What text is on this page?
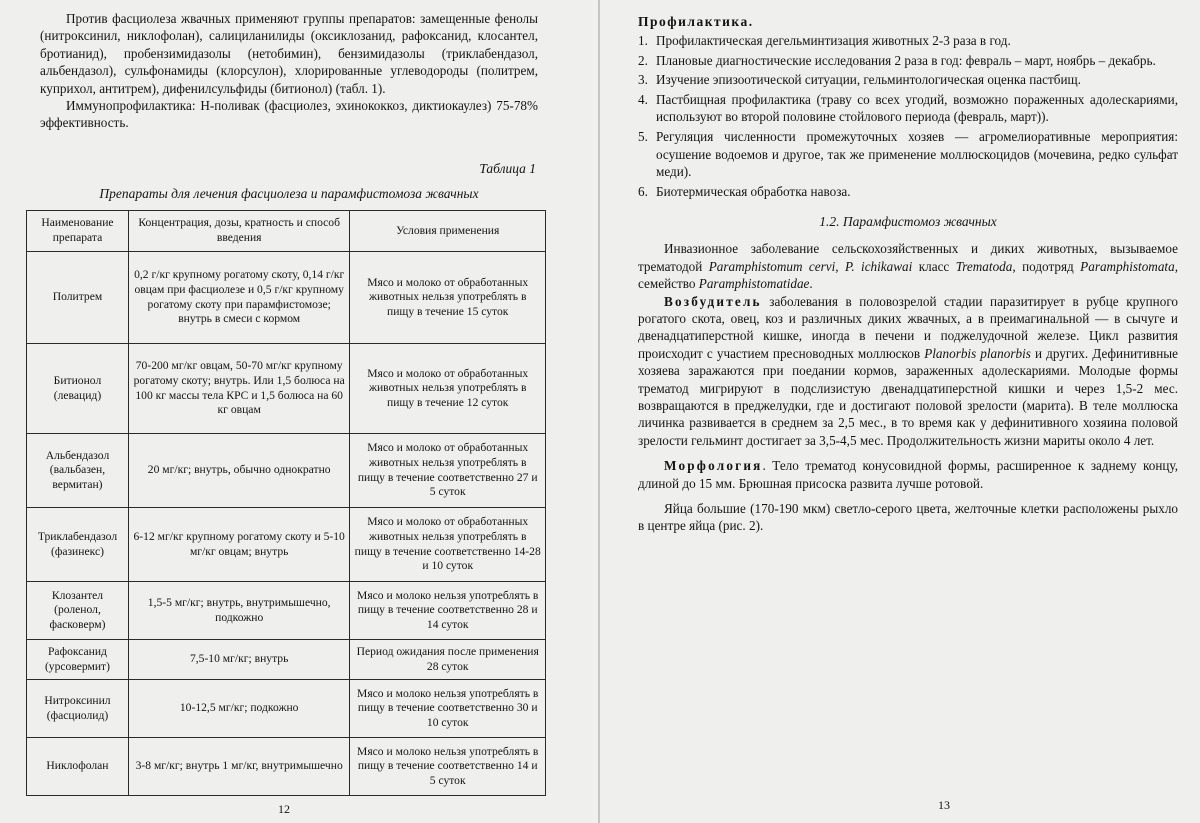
Против фасциолеза жвачных применяют группы препаратов: замещенные фенолы (нитроксинил, никлофолан), салициланилиды (оксиклозанид, рафоксанид, клосантел, бротианид), пробензимидазолы (нетобимин), бензимидазолы (триклабендазол, альбендазол), сульфонамиды (клорсулон), хлорированные углеводороды (политрем, куприхол, антитрем), дифенилсульфиды (битионол) (табл. 1).

Иммунопрофилактика: Н-поливак (фасциолез, эхинококкоз, диктиокаулез) 75-78% эффективность.

Таблица 1
Препараты для лечения фасциолеза и парамфистомоза жвачных
Наименование препарата	Концентрация, дозы, кратность и способ введения	Условия применения
Политрем	0,2 г/кг крупному рогатому скоту, 0,14 г/кг овцам при фасциолезе и 0,5 г/кг крупному рогатому скоту при парамфистомозе; внутрь в смеси с кормом	Мясо и молоко от обработанных животных нельзя употреблять в пищу в течение 15 суток
Битионол (левацид)	70-200 мг/кг овцам, 50-70 мг/кг крупному рогатому скоту; внутрь. Или 1,5 болюса на 100 кг массы тела КРС и 1,5 болюса на 60 кг овцам	Мясо и молоко от обработанных животных нельзя употреблять в пищу в течение 12 суток
Альбендазол (вальбазен, вермитан)	20 мг/кг; внутрь, обычно однократно	Мясо и молоко от обработанных животных нельзя употреблять в пищу в течение соответственно 27 и 5 суток
Триклабендазол (фазинекс)	6-12 мг/кг крупному рогатому скоту и 5-10 мг/кг овцам; внутрь	Мясо и молоко от обработанных животных нельзя употреблять в пищу в течение соответственно 14-28 и 10 суток
Клозантел (роленол, фасковерм)	1,5-5 мг/кг; внутрь, внутримышечно, подкожно	Мясо и молоко нельзя употреблять в пищу в течение соответственно 28 и 14 суток
Рафоксанид (урсовермит)	7,5-10 мг/кг; внутрь	Период ожидания после применения 28 суток
Нитроксинил (фасциолид)	10-12,5 мг/кг; подкожно	Мясо и молоко нельзя употреблять в пищу в течение соответственно 30 и 10 суток
Никлофолан	3-8 мг/кг; внутрь 1 мг/кг, внутримышечно	Мясо и молоко нельзя употреблять в пищу в течение соответственно 14 и 5 суток
12
Профилактика.
1. Профилактическая дегельминтизация животных 2-3 раза в год.
2. Плановые диагностические исследования 2 раза в год: февраль – март, ноябрь – декабрь.
3. Изучение эпизоотической ситуации, гельминтологическая оценка пастбищ.
4. Пастбищная профилактика (траву со всех угодий, возможно пораженных адолескариями, используют во второй половине стойлового периода (февраль, март)).
5. Регуляция численности промежуточных хозяев — агромелиоративные мероприятия: осушение водоемов и другое, так же применение моллюскоцидов (мочевина, редко сульфат меди).
6. Биотермическая обработка навоза.
1.2. Парамфистомоз жвачных

Инвазионное заболевание сельскохозяйственных и диких животных, вызываемое трематодой Paramphistomum cervi, P. ichikawai класс Trematoda, подотряд Paramphistomata, семейство Paramphistomatidae.

Возбудитель заболевания в половозрелой стадии паразитирует в рубце крупного рогатого скота, овец, коз и различных диких жвачных, а в преимагинальной — в сычуге и двенадцатиперстной кишке, иногда в печени и поджелудочной железе. Цикл развития происходит с участием пресноводных моллюсков Planorbis planorbis и других. Дефинитивные хозяева заражаются при поедании кормов, зараженных адолескариями. Молодые формы трематод мигрируют в подслизистую двенадцатиперстной кишки и через 1,5-2 мес. возвращаются в преджелудки, где и достигают половой зрелости (марита). В теле моллюска личинка развивается в среднем за 2,5 мес., в то время как у дефинитивного хозяина половой зрелости гельминт достигает за 3,5-4,5 мес. Продолжительность жизни мариты около 4 лет.

Морфология. Тело трематод конусовидной формы, расширенное к заднему концу, длиной до 15 мм. Брюшная присоска развита лучше ротовой.

Яйца большие (170-190 мкм) светло-серого цвета, желточные клетки расположены рыхло в центре яйца (рис. 2).

13
